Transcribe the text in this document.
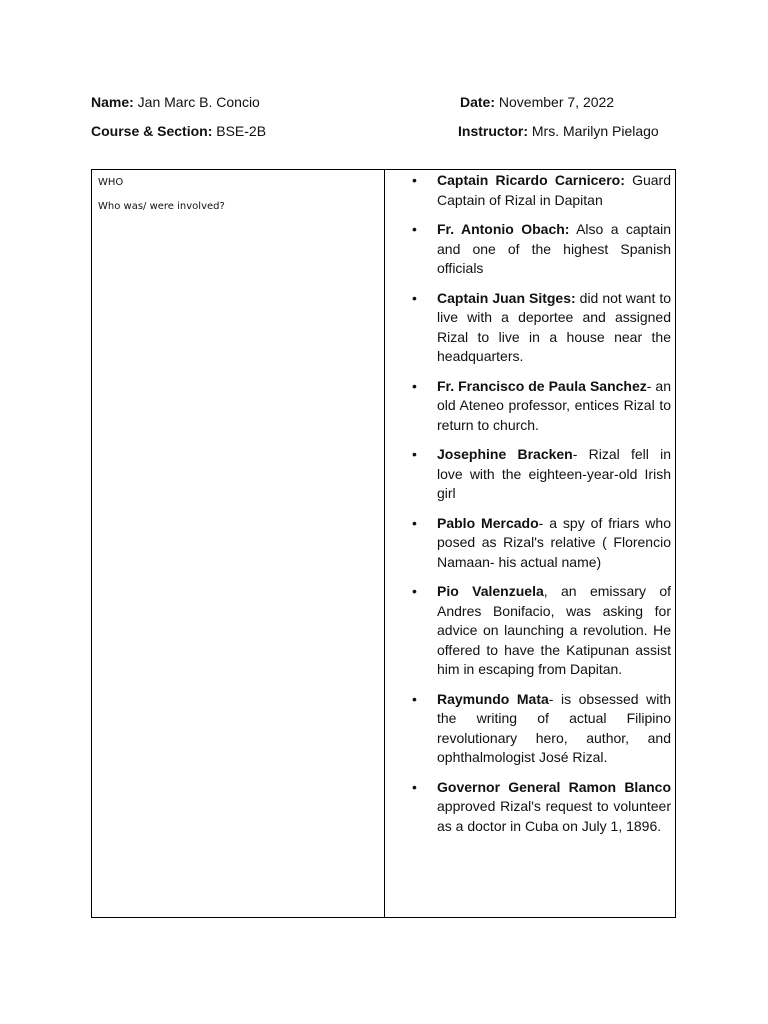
Name: Jan Marc B. Concio	Date: November 7, 2022
Course & Section: BSE-2B	Instructor: Mrs. Marilyn Pielago
WHO
Who was/ were involved?
• Captain Ricardo Carnicero: Guard Captain of Rizal in Dapitan
• Fr. Antonio Obach: Also a captain and one of the highest Spanish officials
• Captain Juan Sitges: did not want to live with a deportee and assigned Rizal to live in a house near the headquarters.
• Fr. Francisco de Paula Sanchez- an old Ateneo professor, entices Rizal to return to church.
• Josephine Bracken- Rizal fell in love with the eighteen-year-old Irish girl
• Pablo Mercado- a spy of friars who posed as Rizal's relative ( Florencio Namaan- his actual name)
• Pio Valenzuela, an emissary of Andres Bonifacio, was asking for advice on launching a revolution. He offered to have the Katipunan assist him in escaping from Dapitan.
• Raymundo Mata- is obsessed with the writing of actual Filipino revolutionary hero, author, and ophthalmologist José Rizal.
• Governor General Ramon Blanco approved Rizal's request to volunteer as a doctor in Cuba on July 1, 1896.
